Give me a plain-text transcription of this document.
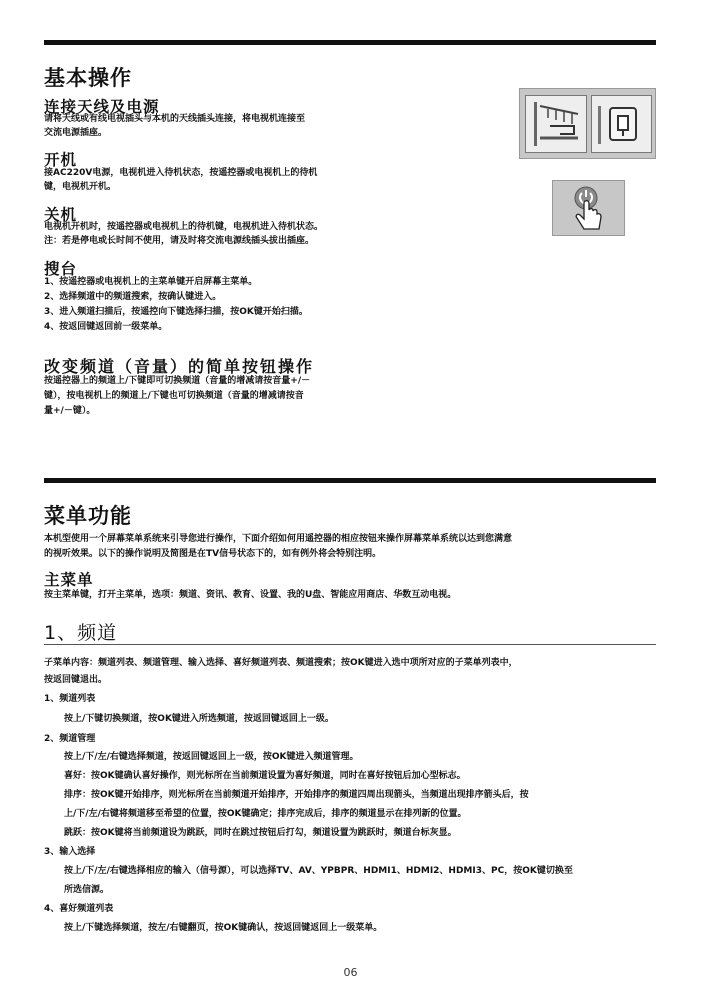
基本操作
连接天线及电源
请将天线或有线电视插头与本机的天线插头连接，将电视机连接至
交流电源插座。
开机
接AC220V电源，电视机进入待机状态，按遥控器或电视机上的待机
键，电视机开机。
关机
电视机开机时，按遥控器或电视机上的待机键，电视机进入待机状态。
注：若是停电或长时间不使用，请及时将交流电源线插头拔出插座。
搜台
1、按遥控器或电视机上的主菜单键开启屏幕主菜单。
2、选择频道中的频道搜索，按确认键进入。
3、进入频道扫描后，按遥控向下键选择扫描，按OK键开始扫描。
4、按返回键返回前一级菜单。
改变频道（音量）的简单按钮操作
按遥控器上的频道上/下键即可切换频道（音量的增减请按音量+/－
键），按电视机上的频道上/下键也可切换频道（音量的增减请按音
量+/－键）。
菜单功能
本机型使用一个屏幕菜单系统来引导您进行操作，下面介绍如何用遥控器的相应按钮来操作屏幕菜单系统以达到您满意
的视听效果。以下的操作说明及简图是在TV信号状态下的，如有例外将会特别注明。
主菜单
按主菜单键，打开主菜单，选项：频道、资讯、教育、设置、我的U盘、智能应用商店、华数互动电视。
1、频道
子菜单内容：频道列表、频道管理、输入选择、喜好频道列表、频道搜索；按OK键进入选中项所对应的子菜单列表中，
按返回键退出。
1、频道列表
按上/下键切换频道，按OK键进入所选频道，按返回键返回上一级。
2、频道管理
按上/下/左/右键选择频道，按返回键返回上一级，按OK键进入频道管理。
喜好：按OK键确认喜好操作，则光标所在当前频道设置为喜好频道，同时在喜好按钮后加心型标志。
排序：按OK键开始排序，则光标所在当前频道开始排序，开始排序的频道四周出现箭头，当频道出现排序箭头后，按
上/下/左/右键将频道移至希望的位置，按OK键确定；排序完成后，排序的频道显示在排列新的位置。
跳跃：按OK键将当前频道设为跳跃，同时在跳过按钮后打勾，频道设置为跳跃时，频道台标灰显。
3、输入选择
按上/下/左/右键选择相应的输入（信号源），可以选择TV、AV、YPBPR、HDMI1、HDMI2、HDMI3、PC，按OK键切换至
所选信源。
4、喜好频道列表
按上/下键选择频道，按左/右键翻页，按OK键确认，按返回键返回上一级菜单。
06
